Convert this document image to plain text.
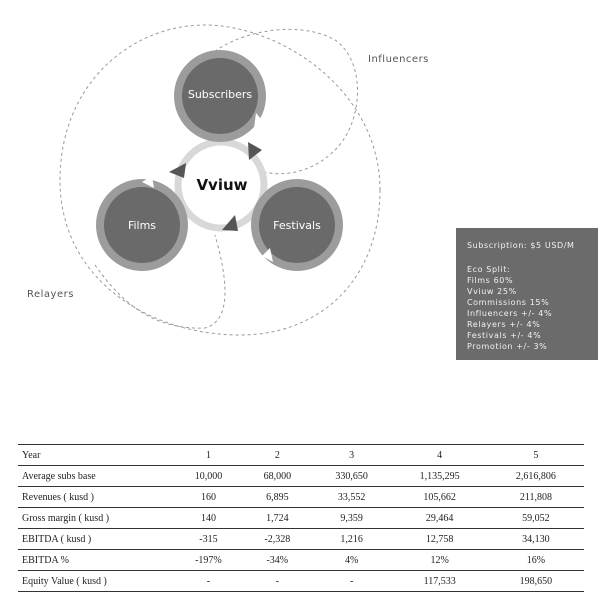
Vviuw
Subscribers
Festivals
Films
Influencers
Relayers
Subscription: $5 USD/M
Eco Split:
Films 60%
Vviuw 25%
Commissions 15%
Influencers +/- 4%
Relayers +/- 4%
Festivals +/- 4%
Promotion +/- 3%
Year	1	2	3	4	5
Average subs base	10,000	68,000	330,650	1,135,295	2,616,806
Revenues ( kusd )	160	6,895	33,552	105,662	211,808
Gross margin ( kusd )	140	1,724	9,359	29,464	59,052
EBITDA ( kusd )	-315	-2,328	1,216	12,758	34,130
EBITDA %	-197%	-34%	4%	12%	16%
Equity Value ( kusd )	-	-	-	117,533	198,650
